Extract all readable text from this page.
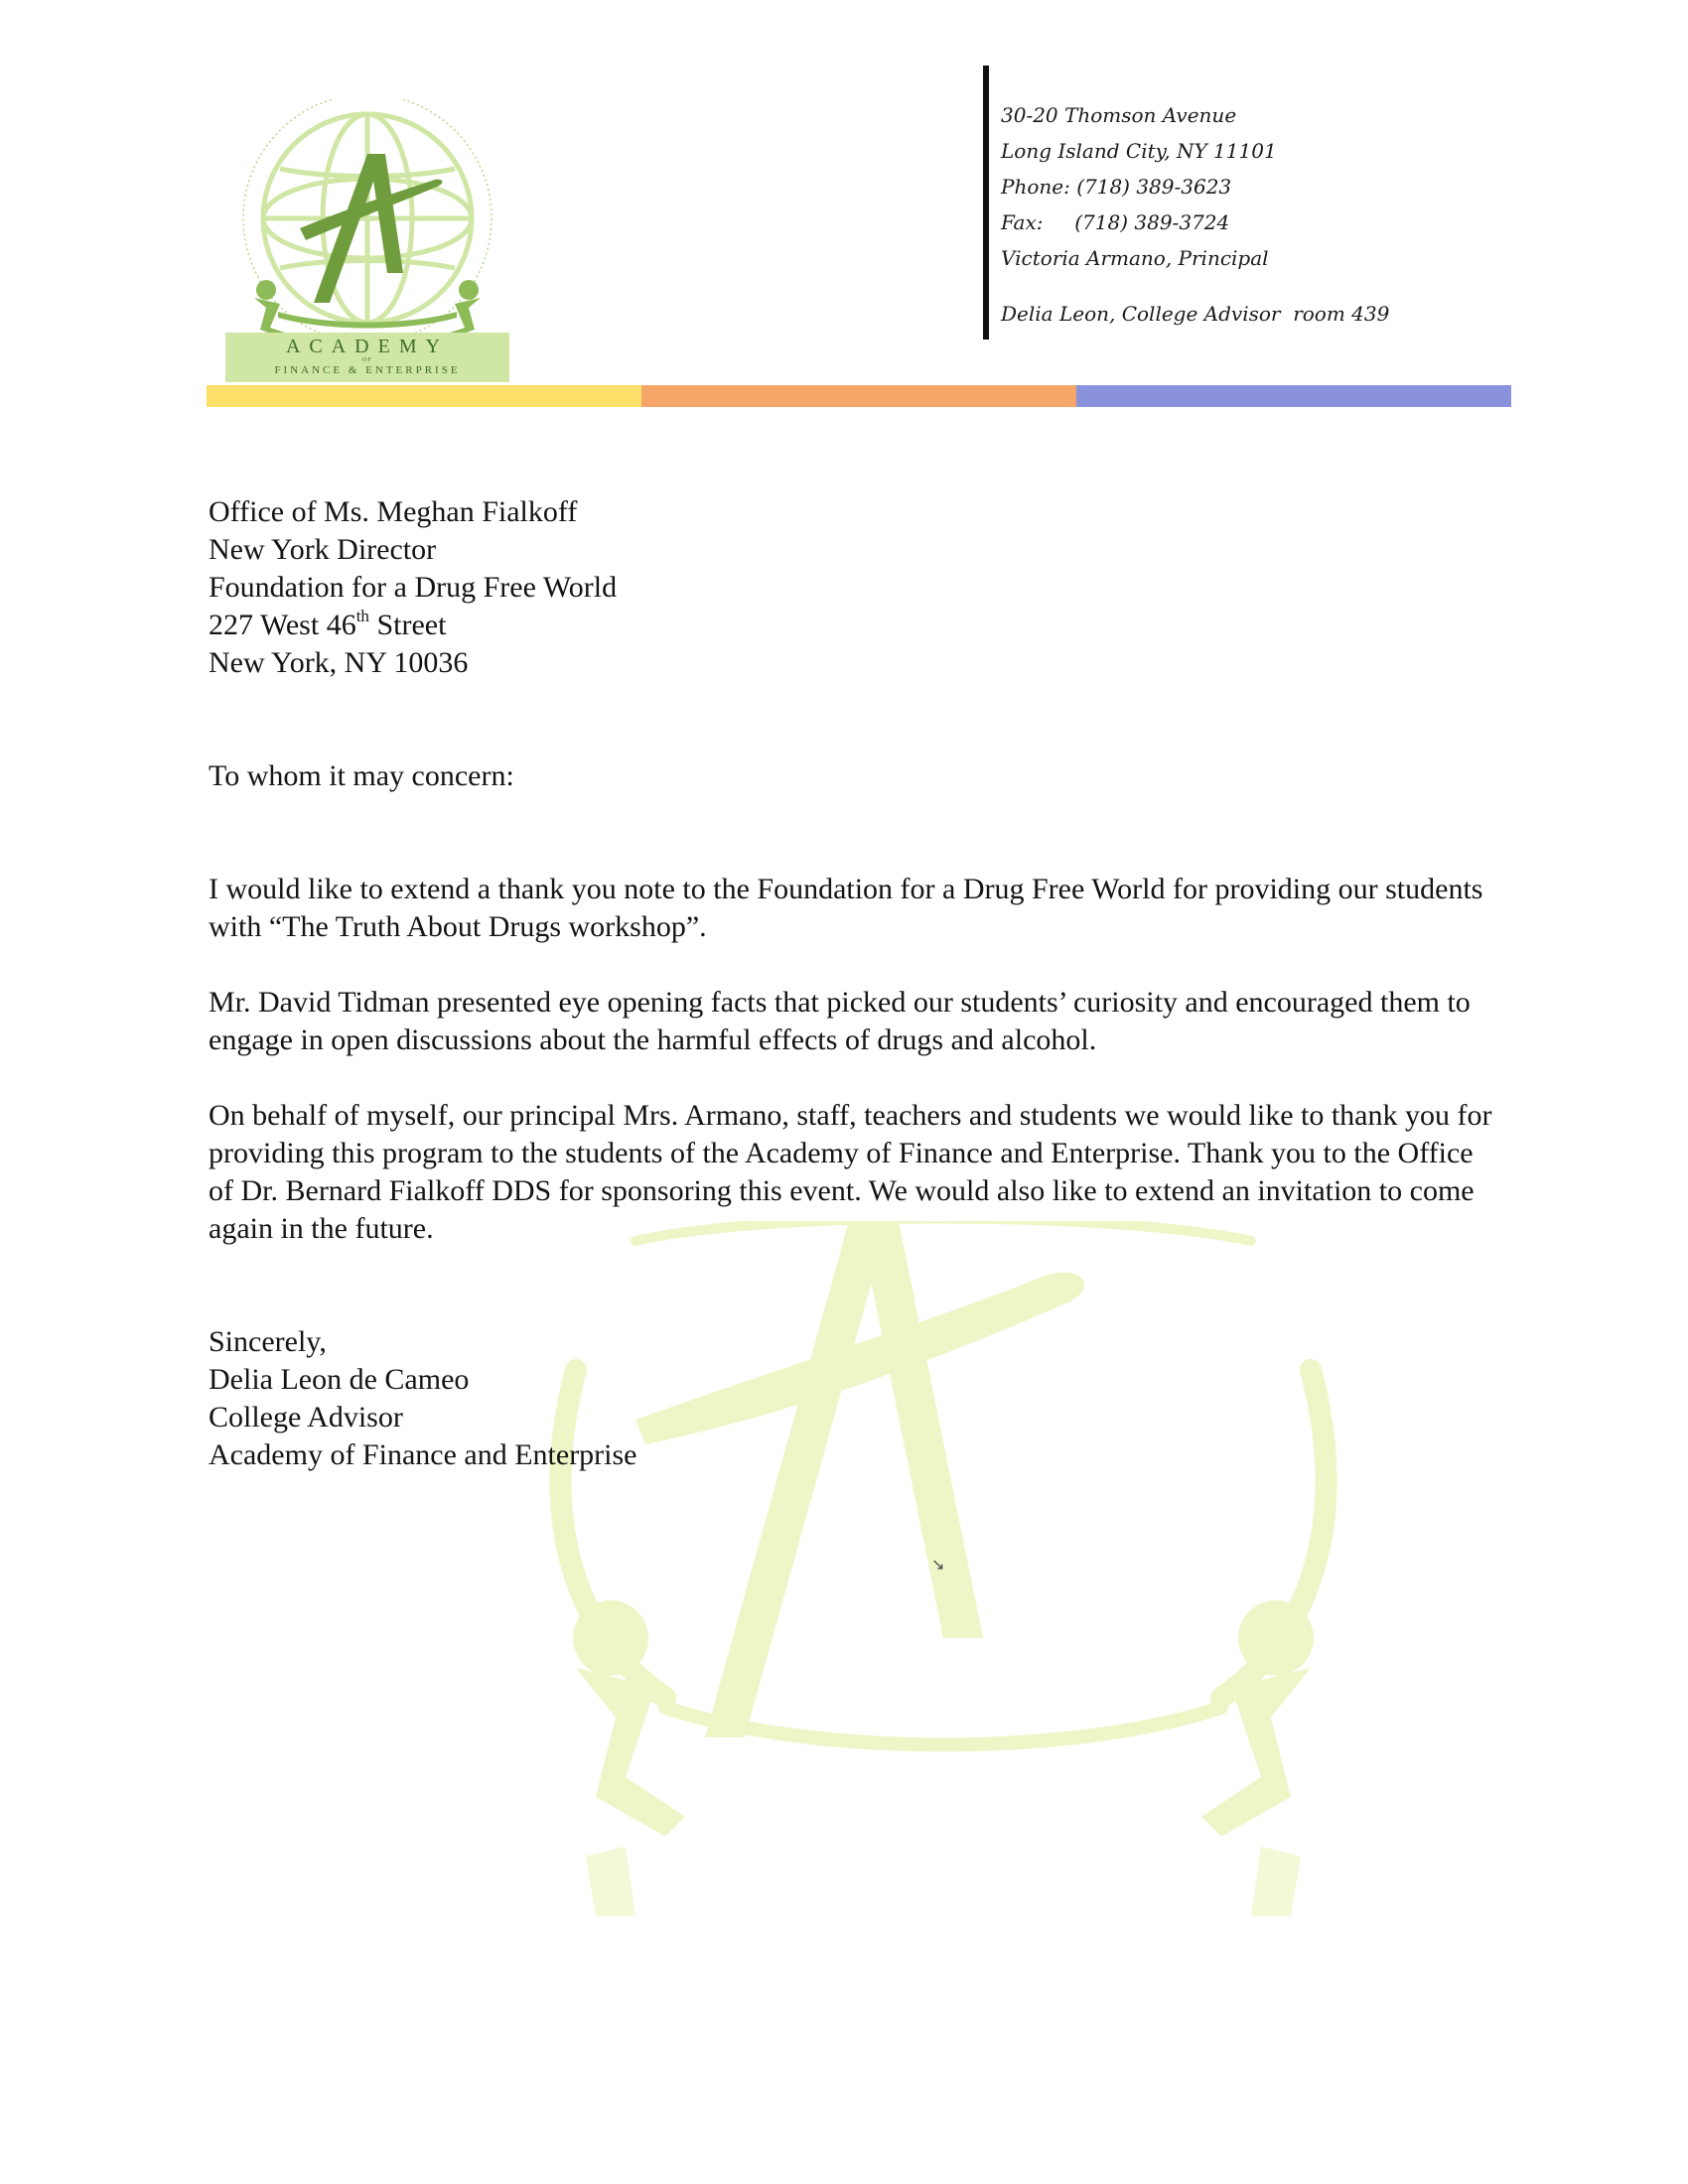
ACADEMY
OF
FINANCE & ENTERPRISE
30-20 Thomson Avenue
Long Island City, NY 11101
Phone: (718) 389-3623
Fax:     (718) 389-3724
Victoria Armano, Principal
Delia Leon, College Advisor  room 439
Office of Ms. Meghan Fialkoff
New York Director
Foundation for a Drug Free World
227 West 46th Street
New York, NY 10036

To whom it may concern:

I would like to extend a thank you note to the Foundation for a Drug Free World for providing our students with “The Truth About Drugs workshop”.

Mr. David Tidman presented eye opening facts that picked our students’ curiosity and encouraged them to engage in open discussions about the harmful effects of drugs and alcohol.

On behalf of myself, our principal Mrs. Armano, staff, teachers and students we would like to thank you for providing this program to the students of the Academy of Finance and Enterprise. Thank you to the Office of Dr. Bernard Fialkoff DDS for sponsoring this event. We would also like to extend an invitation to come again in the future.

Sincerely,
Delia Leon de Cameo
College Advisor
Academy of Finance and Enterprise
↘
